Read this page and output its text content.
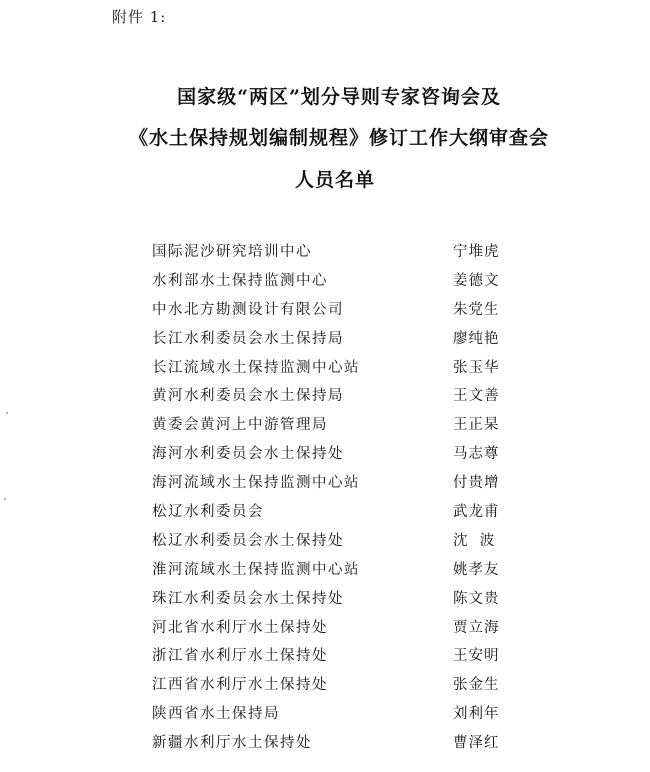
附件 1:
国家级“两区”划分导则专家咨询会及
《水土保持规划编制规程》修订工作大纲审查会
人员名单
国际泥沙研究培训中心	宁堆虎
水利部水土保持监测中心	姜德文
中水北方勘测设计有限公司	朱党生
长江水利委员会水土保持局	廖纯艳
长江流域水土保持监测中心站	张玉华
黄河水利委员会水土保持局	王文善
黄委会黄河上中游管理局	王正杲
海河水利委员会水土保持处	马志尊
海河流域水土保持监测中心站	付贵增
松辽水利委员会	武龙甫
松辽水利委员会水土保持处	沈  波
淮河流域水土保持监测中心站	姚孝友
珠江水利委员会水土保持处	陈文贵
河北省水利厅水土保持处	贾立海
浙江省水利厅水土保持处	王安明
江西省水利厅水土保持处	张金生
陕西省水土保持局	刘利年
新疆水利厅水土保持处	曹泽红
